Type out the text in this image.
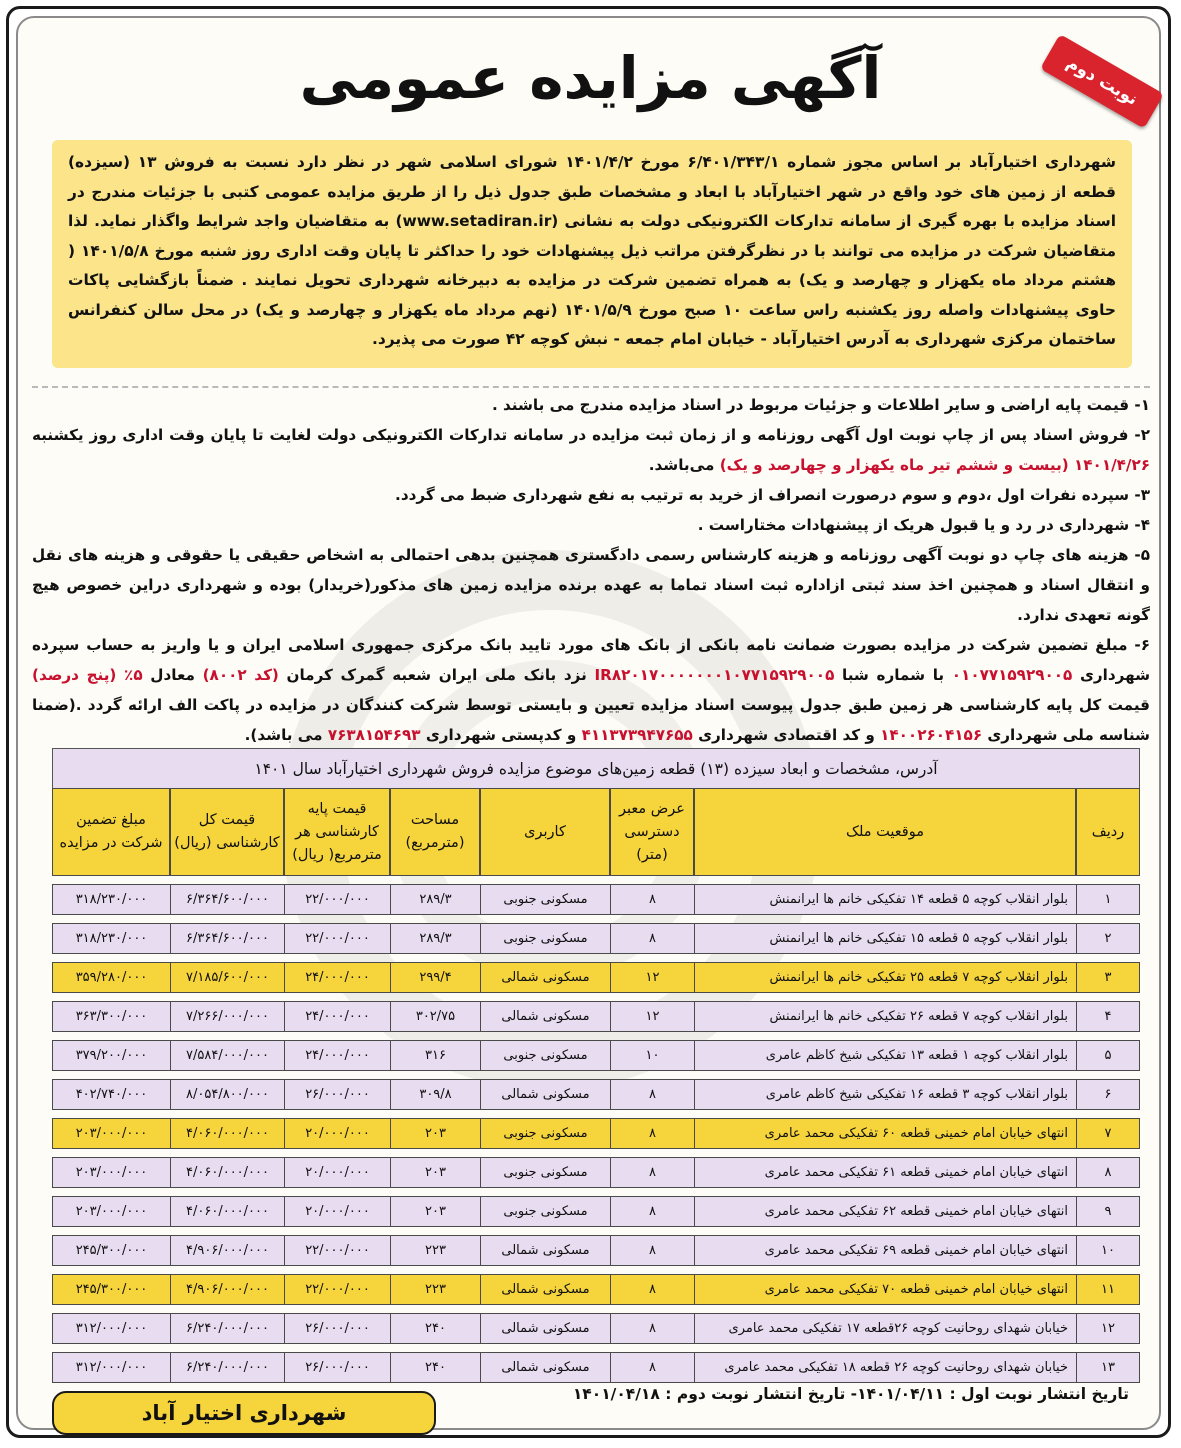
نوبت دوم
آگهی مزایده عمومی
شهرداری اختیارآباد بر اساس مجوز شماره ۶/۴۰۱/۳۴۳/۱ مورخ ۱۴۰۱/۴/۲ شورای اسلامی شهر در نظر دارد نسبت به فروش ۱۳ (سیزده) قطعه از زمین های خود واقع در شهر اختیارآباد با ابعاد و مشخصات طبق جدول ذیل را از طریق مزایده عمومی کتبی با جزئیات مندرج در اسناد مزایده با بهره گیری از سامانه تدارکات الکترونیکی دولت به نشانی (www.setadiran.ir) به متقاضیان واجد شرایط واگذار نماید. لذا متقاضیان شرکت در مزایده می توانند با در نظرگرفتن مراتب ذیل پیشنهادات خود را حداکثر تا پایان وقت اداری روز شنبه مورخ ۱۴۰۱/۵/۸ ( هشتم مرداد ماه یکهزار و چهارصد و یک) به همراه تضمین شرکت در مزایده به دبیرخانه شهرداری تحویل نمایند . ضمناً بازگشایی پاکات حاوی پیشنهادات واصله روز یکشنبه راس ساعت ۱۰ صبح مورخ ۱۴۰۱/۵/۹ (نهم مرداد ماه یکهزار و چهارصد و یک) در محل سالن کنفرانس ساختمان مرکزی شهرداری به آدرس اختیارآباد - خیابان امام جمعه - نبش کوچه ۴۲ صورت می پذیرد.

۱- قیمت پایه اراضی و سایر اطلاعات و جزئیات مربوط در اسناد مزایده مندرج می باشند .

۲- فروش اسناد پس از چاپ نوبت اول آگهی روزنامه و از زمان ثبت مزایده در سامانه تدارکات الکترونیکی دولت لغایت تا پایان وقت اداری روز یکشنبه ۱۴۰۱/۴/۲۶ (بیست و ششم تیر ماه یکهزار و چهارصد و یک) می‌باشد.

۳- سپرده نفرات اول ،دوم و سوم درصورت انصراف از خرید به ترتیب به نفع شهرداری ضبط می گردد.

۴- شهرداری در رد و یا قبول هریک از پیشنهادات مختاراست .

۵- هزینه های چاپ دو نوبت آگهی روزنامه و هزینه کارشناس رسمی دادگستری همچنین بدهی احتمالی به اشخاص حقیقی یا حقوقی و هزینه های نقل و انتقال اسناد و همچنین اخذ سند ثبتی ازاداره ثبت اسناد تماما به عهده برنده مزایده زمین های مذکور(خریدار) بوده و شهرداری دراین خصوص هیچ گونه تعهدی ندارد.

۶- مبلغ تضمین شرکت در مزایده بصورت ضمانت نامه بانکی از بانک های مورد تایید بانک مرکزی جمهوری اسلامی ایران و یا واریز به حساب سپرده شهرداری ۰۱۰۷۷۱۵۹۲۹۰۰۵ با شماره شبا IR۸۲۰۱۷۰۰۰۰۰۰۰۱۰۷۷۱۵۹۲۹۰۰۵ نزد بانک ملی ایران شعبه گمرک کرمان (کد ۸۰۰۲) معادل ۵٪ (پنج درصد) قیمت کل پایه کارشناسی هر زمین طبق جدول پیوست اسناد مزایده تعیین و بایستی توسط شرکت کنندگان در مزایده در پاکت الف ارائه گردد .(ضمنا شناسه ملی شهرداری ۱۴۰۰۲۶۰۴۱۵۶ و کد اقتصادی شهرداری ۴۱۱۳۷۳۹۴۷۶۵۵ و کدپستی شهرداری ۷۶۳۸۱۵۴۶۹۳ می باشد).

آدرس، مشخصات و ابعاد سیزده (۱۳) قطعه زمین‌های موضوع مزایده فروش شهرداری اختیارآباد سال ۱۴۰۱
ردیف	موقعیت ملک	عرض معبر دسترسی (متر)	کاربری	مساحت (مترمربع)	قیمت پایه کارشناسی هر مترمربع( ریال)	قیمت کل کارشناسی (ریال)	مبلغ تضمین شرکت در مزایده
۱	بلوار انقلاب کوچه ۵ قطعه ۱۴ تفکیکی خانم ها ایرانمنش	۸	مسکونی جنوبی	۲۸۹/۳	۲۲/۰۰۰/۰۰۰	۶/۳۶۴/۶۰۰/۰۰۰	۳۱۸/۲۳۰/۰۰۰
۲	بلوار انقلاب کوچه ۵ قطعه ۱۵ تفکیکی خانم ها ایرانمنش	۸	مسکونی جنوبی	۲۸۹/۳	۲۲/۰۰۰/۰۰۰	۶/۳۶۴/۶۰۰/۰۰۰	۳۱۸/۲۳۰/۰۰۰
۳	بلوار انقلاب کوچه ۷ قطعه ۲۵ تفکیکی خانم ها ایرانمنش	۱۲	مسکونی شمالی	۲۹۹/۴	۲۴/۰۰۰/۰۰۰	۷/۱۸۵/۶۰۰/۰۰۰	۳۵۹/۲۸۰/۰۰۰
۴	بلوار انقلاب کوچه ۷ قطعه ۲۶ تفکیکی خانم ها ایرانمنش	۱۲	مسکونی شمالی	۳۰۲/۷۵	۲۴/۰۰۰/۰۰۰	۷/۲۶۶/۰۰۰/۰۰۰	۳۶۳/۳۰۰/۰۰۰
۵	بلوار انقلاب کوچه ۱ قطعه ۱۳ تفکیکی شیخ کاظم عامری	۱۰	مسکونی جنوبی	۳۱۶	۲۴/۰۰۰/۰۰۰	۷/۵۸۴/۰۰۰/۰۰۰	۳۷۹/۲۰۰/۰۰۰
۶	بلوار انقلاب کوچه ۳ قطعه ۱۶ تفکیکی شیخ کاظم عامری	۸	مسکونی شمالی	۳۰۹/۸	۲۶/۰۰۰/۰۰۰	۸/۰۵۴/۸۰۰/۰۰۰	۴۰۲/۷۴۰/۰۰۰
۷	انتهای خیابان امام خمینی قطعه ۶۰ تفکیکی محمد عامری	۸	مسکونی جنوبی	۲۰۳	۲۰/۰۰۰/۰۰۰	۴/۰۶۰/۰۰۰/۰۰۰	۲۰۳/۰۰۰/۰۰۰
۸	انتهای خیابان امام خمینی قطعه ۶۱ تفکیکی محمد عامری	۸	مسکونی جنوبی	۲۰۳	۲۰/۰۰۰/۰۰۰	۴/۰۶۰/۰۰۰/۰۰۰	۲۰۳/۰۰۰/۰۰۰
۹	انتهای خیابان امام خمینی قطعه ۶۲ تفکیکی محمد عامری	۸	مسکونی جنوبی	۲۰۳	۲۰/۰۰۰/۰۰۰	۴/۰۶۰/۰۰۰/۰۰۰	۲۰۳/۰۰۰/۰۰۰
۱۰	انتهای خیابان امام خمینی قطعه ۶۹ تفکیکی محمد عامری	۸	مسکونی شمالی	۲۲۳	۲۲/۰۰۰/۰۰۰	۴/۹۰۶/۰۰۰/۰۰۰	۲۴۵/۳۰۰/۰۰۰
۱۱	انتهای خیابان امام خمینی قطعه ۷۰ تفکیکی محمد عامری	۸	مسکونی شمالی	۲۲۳	۲۲/۰۰۰/۰۰۰	۴/۹۰۶/۰۰۰/۰۰۰	۲۴۵/۳۰۰/۰۰۰
۱۲	خیابان شهدای روحانیت کوچه ۲۶قطعه ۱۷ تفکیکی محمد عامری	۸	مسکونی شمالی	۲۴۰	۲۶/۰۰۰/۰۰۰	۶/۲۴۰/۰۰۰/۰۰۰	۳۱۲/۰۰۰/۰۰۰
۱۳	خیابان شهدای روحانیت کوچه ۲۶ قطعه ۱۸ تفکیکی محمد عامری	۸	مسکونی شمالی	۲۴۰	۲۶/۰۰۰/۰۰۰	۶/۲۴۰/۰۰۰/۰۰۰	۳۱۲/۰۰۰/۰۰۰
تاریخ انتشار نوبت اول : ۱۴۰۱/۰۴/۱۱- تاریخ انتشار نوبت دوم : ۱۴۰۱/۰۴/۱۸
شهرداری اختیار آباد
